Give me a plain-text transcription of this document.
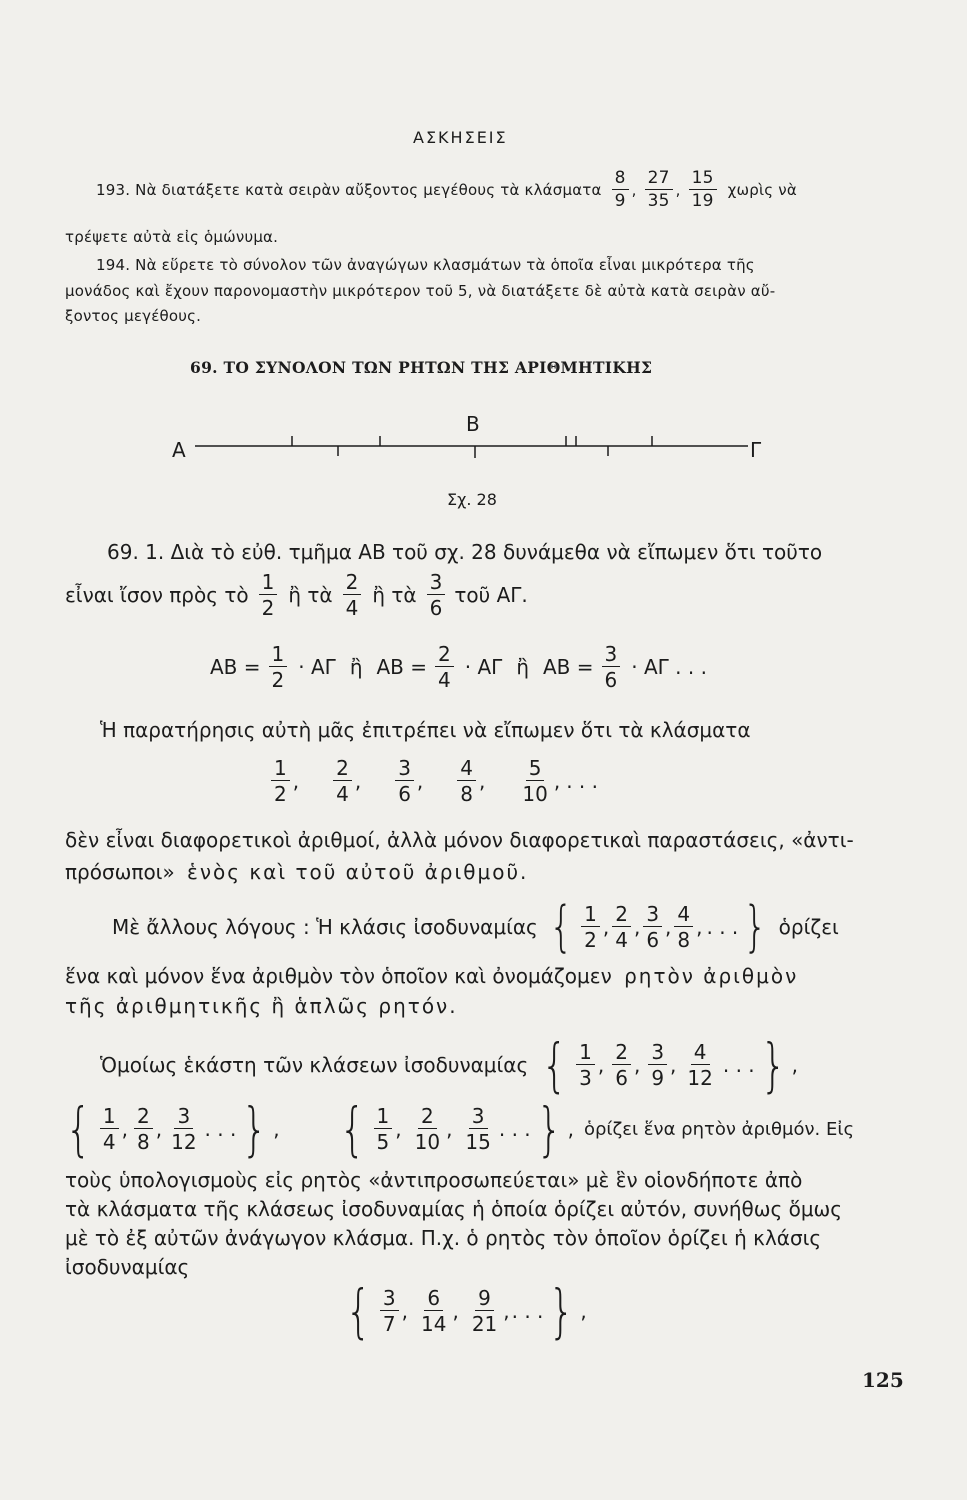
ΑΣΚΗΣΕΙΣ
193. Νὰ διατάξετε κατὰ σειρὰν αὔξοντος μεγέθους τὰ κλάσματα $\frac{8}{9}$ , $\frac{27}{35}$ , $\frac{15}{19}$ χωρὶς νὰ
τρέψετε αὐτὰ εἰς ὁμώνυμα.
194. Νὰ εὕρετε τὸ σύνολον τῶν ἀναγώγων κλασμάτων τὰ ὁποῖα εἶναι μικρότερα τῆς
μονάδος καὶ ἔχουν παρονομαστὴν μικρότερον τοῦ 5, νὰ διατάξετε δὲ αὐτὰ κατὰ σειρὰν αὔ-
ξοντος μεγέθους.
69. ΤΟ ΣΥΝΟΛΟΝ ΤΩΝ ΡΗΤΩΝ ΤΗΣ ΑΡΙΘΜΗΤΙΚΗΣ
Α
Β
Γ
Σχ. 28
69. 1. Διὰ τὸ εὐθ. τμῆμα ΑΒ τοῦ σχ. 28 δυνάμεθα νὰ εἴπωμεν ὅτι τοῦτο
εἶναι ἴσον πρὸς τὸ $\frac{1}{2}$ ἢ τὰ $\frac{2}{4}$ ἢ τὰ $\frac{3}{6}$ τοῦ ΑΓ.
$AB = \frac{1}{2} \cdot A\Gamma$ ἢ $AB = \frac{2}{4} \cdot A\Gamma$ ἢ $AB = \frac{3}{6} \cdot A\Gamma$ . . .
Ἡ παρατήρησις αὐτὴ μᾶς ἐπιτρέπει νὰ εἴπωμεν ὅτι τὰ κλάσματα
$\frac{1}{2}$ , $\frac{2}{4}$ , $\frac{3}{6}$ , $\frac{4}{8}$ , $\frac{5}{10}$ , . . .
δὲν εἶναι διαφορετικοὶ ἀριθμοί, ἀλλὰ μόνον διαφορετικαὶ παραστάσεις, «ἀντι-
πρόσωποι» ἑνὸς καὶ τοῦ αὐτοῦ ἀριθμοῦ.
Μὲ ἄλλους λόγους : Ἡ κλάσις ἰσοδυναμίας { $\frac{1}{2}$ , $\frac{2}{4}$ , $\frac{3}{6}$ , $\frac{4}{8}$ , . . . } ὁρίζει
ἕνα καὶ μόνον ἕνα ἀριθμὸν τὸν ὁποῖον καὶ ὀνομάζομεν ρητὸν ἀριθμὸν
τῆς ἀριθμητικῆς ἢ ἁπλῶς ρητόν.
Ὁμοίως ἑκάστη τῶν κλάσεων ἰσοδυναμίας { $\frac{1}{3}$ , $\frac{2}{6}$ , $\frac{3}{9}$ , $\frac{4}{12}$ . . . } ,
{ $\frac{1}{4}$ , $\frac{2}{8}$ , $\frac{3}{12}$ . . . } , { $\frac{1}{5}$ , $\frac{2}{10}$ , $\frac{3}{15}$ . . . } , ὁρίζει ἕνα ρητὸν ἀριθμόν. Εἰς
τοὺς ὑπολογισμοὺς εἰς ρητὸς «ἀντιπροσωπεύεται» μὲ ἓν οἱονδήποτε ἀπὸ
τὰ κλάσματα τῆς κλάσεως ἰσοδυναμίας ἡ ὁποία ὁρίζει αὐτόν, συνήθως ὅμως
μὲ τὸ ἐξ αὐτῶν ἀνάγωγον κλάσμα. Π.χ. ὁ ρητὸς τὸν ὁποῖον ὁρίζει ἡ κλάσις
ἰσοδυναμίας
{ $\frac{3}{7}$ , $\frac{6}{14}$ , $\frac{9}{21}$ , . . . } ,
125
